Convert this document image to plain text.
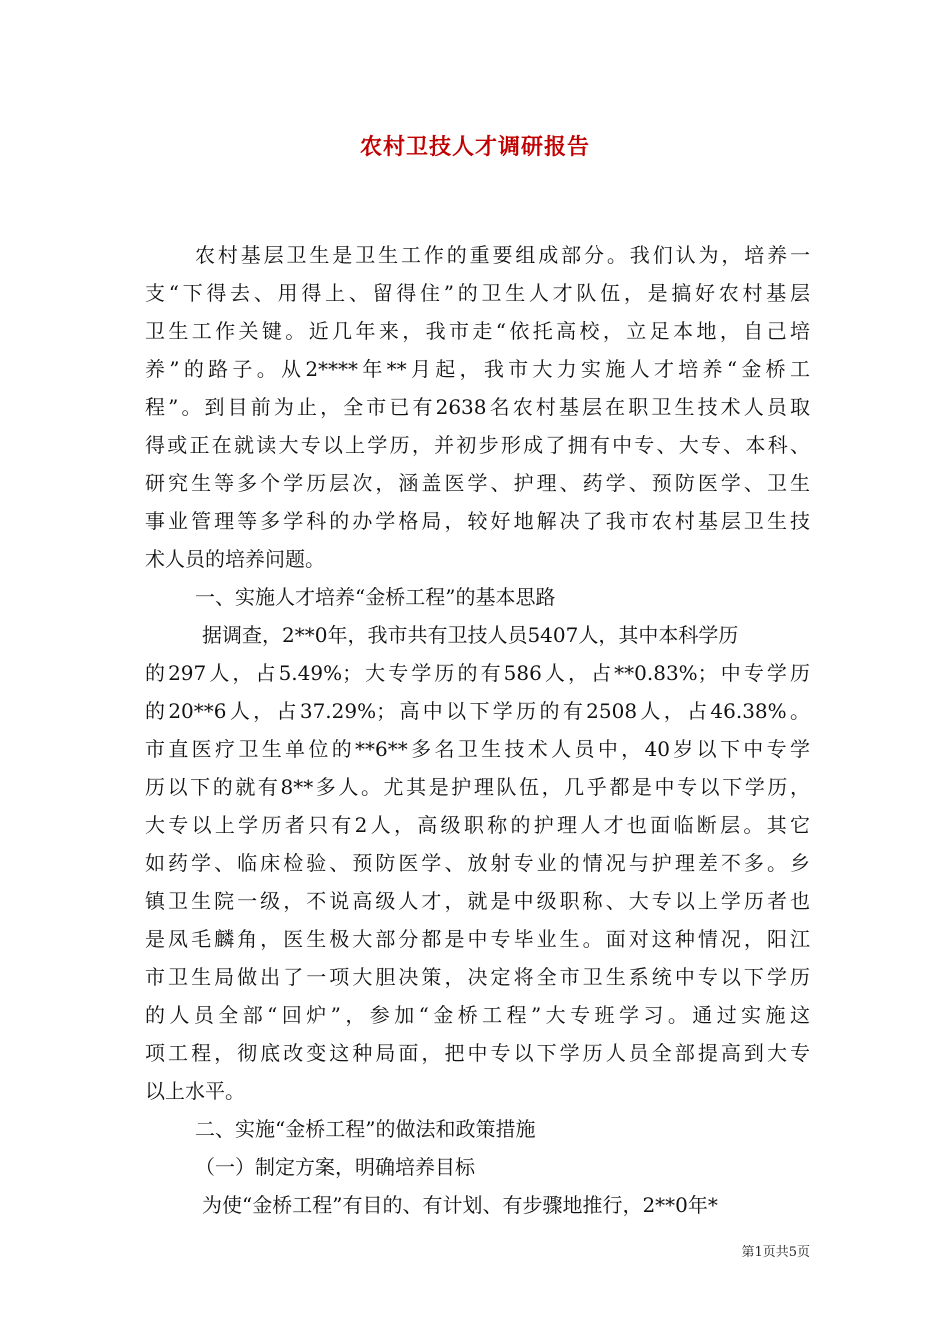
农村卫技人才调研报告
农村基层卫生是卫生工作的重要组成部分。我们认为，培养一
支“下得去、用得上、留得住”的卫生人才队伍，是搞好农村基层
卫生工作关键。近几年来，我市走“依托高校，立足本地，自己培
养”的路子。从2****年**月起，我市大力实施人才培养“金桥工
程”。到目前为止，全市已有2638名农村基层在职卫生技术人员取
得或正在就读大专以上学历，并初步形成了拥有中专、大专、本科、
研究生等多个学历层次，涵盖医学、护理、药学、预防医学、卫生
事业管理等多学科的办学格局，较好地解决了我市农村基层卫生技
术人员的培养问题。
一、实施人才培养“金桥工程”的基本思路
据调查，2**0年，我市共有卫技人员5407人，其中本科学历
的297人，占5.49%；大专学历的有586人，占**0.83%；中专学历
的20**6人，占37.29%；高中以下学历的有2508人，占46.38%。
市直医疗卫生单位的**6**多名卫生技术人员中，40岁以下中专学
历以下的就有8**多人。尤其是护理队伍，几乎都是中专以下学历，
大专以上学历者只有2人，高级职称的护理人才也面临断层。其它
如药学、临床检验、预防医学、放射专业的情况与护理差不多。乡
镇卫生院一级，不说高级人才，就是中级职称、大专以上学历者也
是凤毛麟角，医生极大部分都是中专毕业生。面对这种情况，阳江
市卫生局做出了一项大胆决策，决定将全市卫生系统中专以下学历
的人员全部“回炉”，参加“金桥工程”大专班学习。通过实施这
项工程，彻底改变这种局面，把中专以下学历人员全部提高到大专
以上水平。
二、实施“金桥工程”的做法和政策措施
（一）制定方案，明确培养目标
为使“金桥工程”有目的、有计划、有步骤地推行，2**0年*
第1页共5页
